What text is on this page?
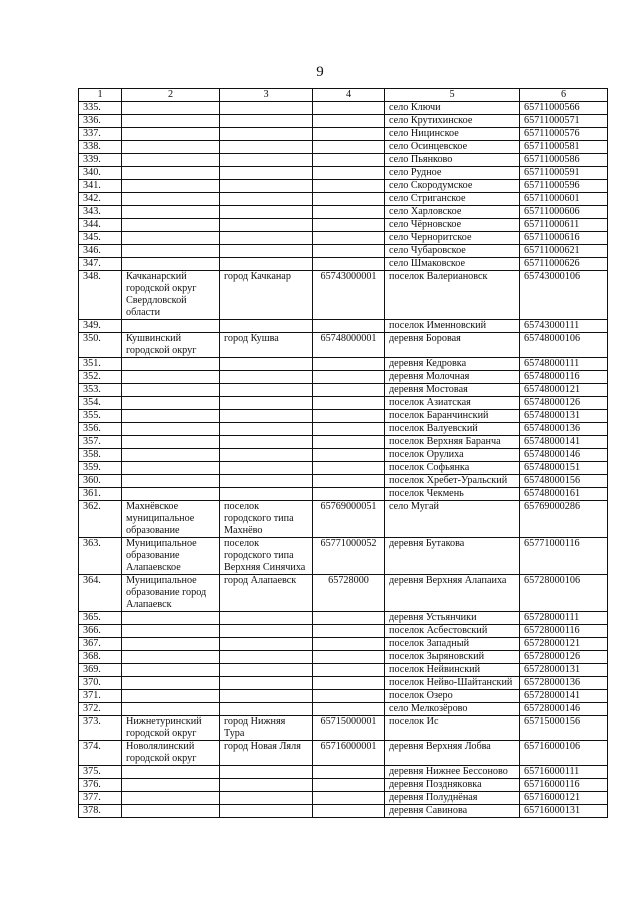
9
1	2	3	4	5	6
335.				село Ключи	65711000566
336.				село Крутихинское	65711000571
337.				село Ницинское	65711000576
338.				село Осинцевское	65711000581
339.				село Пьянково	65711000586
340.				село Рудное	65711000591
341.				село Скородумское	65711000596
342.				село Стриганское	65711000601
343.				село Харловское	65711000606
344.				село Чёрновское	65711000611
345.				село Черноритское	65711000616
346.				село Чубаровское	65711000621
347.				село Шмаковское	65711000626
348.	Качканарский городской округ Свердловской области	город Качканар	65743000001	поселок Валериановск	65743000106
349.				поселок Именновский	65743000111
350.	Кушвинский городской округ	город Кушва	65748000001	деревня Боровая	65748000106
351.				деревня Кедровка	65748000111
352.				деревня Молочная	65748000116
353.				деревня Мостовая	65748000121
354.				поселок Азиатская	65748000126
355.				поселок Баранчинский	65748000131
356.				поселок Валуевский	65748000136
357.				поселок Верхняя Баранча	65748000141
358.				поселок Орулиха	65748000146
359.				поселок Софьянка	65748000151
360.				поселок Хребет-Уральский	65748000156
361.				поселок Чекмень	65748000161
362.	Махнёвское муниципальное образование	поселок городского типа Махнёво	65769000051	село Мугай	65769000286
363.	Муниципальное образование Алапаевское	поселок городского типа Верхняя Синячиха	65771000052	деревня Бутакова	65771000116
364.	Муниципальное образование город Алапаевск	город Алапаевск	65728000	деревня Верхняя Алапаиха	65728000106
365.				деревня Устьянчики	65728000111
366.				поселок Асбестовский	65728000116
367.				поселок Западный	65728000121
368.				поселок Зыряновский	65728000126
369.				поселок Нейвинский	65728000131
370.				поселок Нейво-Шайтанский	65728000136
371.				поселок Озеро	65728000141
372.				село Мелкозёрово	65728000146
373.	Нижнетуринский городской округ	город Нижняя Тура	65715000001	поселок Ис	65715000156
374.	Новолялинский городской округ	город Новая Ляля	65716000001	деревня Верхняя Лобва	65716000106
375.				деревня Нижнее Бессоново	65716000111
376.				деревня Позднякoвка	65716000116
377.				деревня Полуднёная	65716000121
378.				деревня Савинова	65716000131
